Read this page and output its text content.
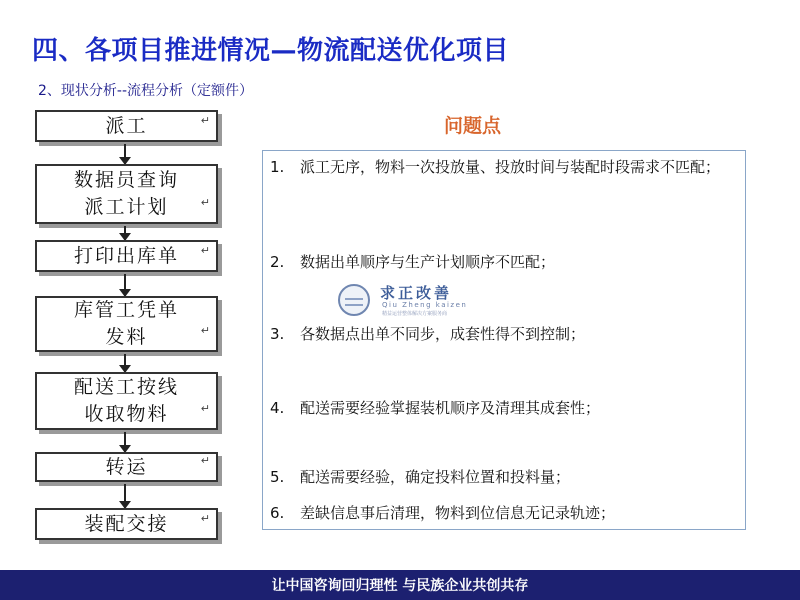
四、各项目推进情况—物流配送优化项目
2、现状分析--流程分析（定额件）
派工	↵
数据员查询
派工计划	↵
打印出库单 ↵
库管工凭单
发料	↵
配送工按线
收取物料	↵
转运	↵
装配交接	↵
问题点
1.	派工无序，物料一次投放量、投放时间与装配时段需求不匹配；
2.	数据出单顺序与生产计划顺序不匹配；
3.	各数据点出单不同步，成套性得不到控制；
4.	配送需要经验掌握装机顺序及清理其成套性；
5.	配送需要经验，确定投料位置和投料量；
6.	差缺信息事后清理，物料到位信息无记录轨迹；
求正改善
Qiu Zheng kaizen
精益运营整体解决方案服务商
让中国咨询回归理性 与民族企业共创共存
